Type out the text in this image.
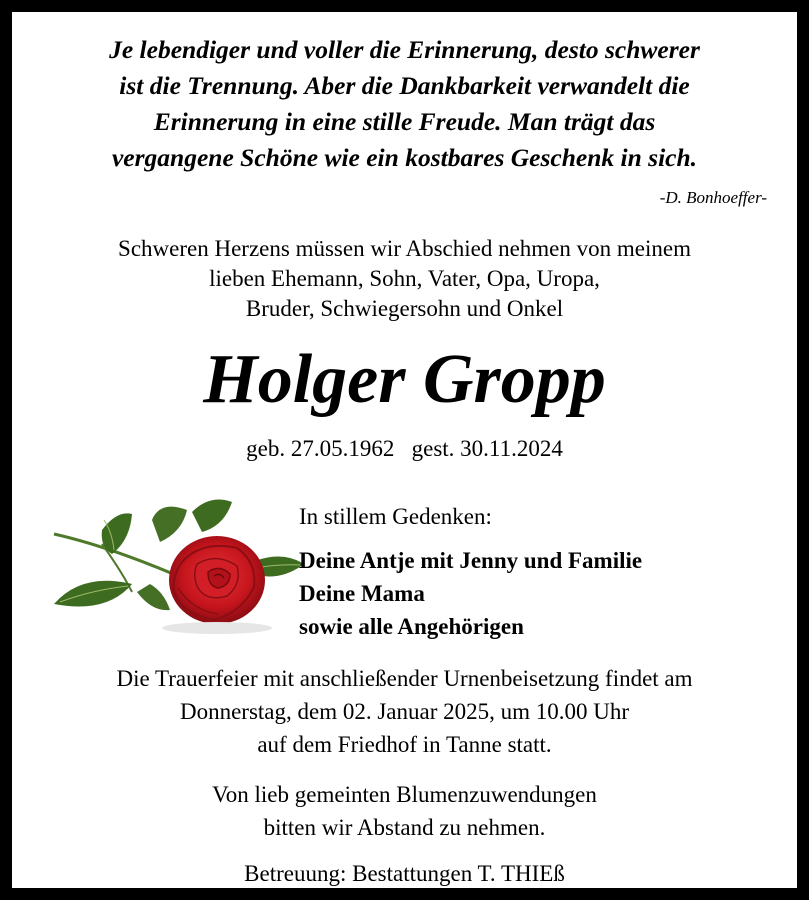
Je lebendiger und voller die Erinnerung, desto schwerer
ist die Trennung. Aber die Dankbarkeit verwandelt die
Erinnerung in eine stille Freude. Man trägt das
vergangene Schöne wie ein kostbares Geschenk in sich.
-D. Bonhoeffer-
Schweren Herzens müssen wir Abschied nehmen von meinem
lieben Ehemann, Sohn, Vater, Opa, Uropa,
Bruder, Schwiegersohn und Onkel
Holger Gropp
geb. 27.05.1962   gest. 30.11.2024
In stillem Gedenken:
Deine Antje mit Jenny und Familie
Deine Mama
sowie alle Angehörigen
Die Trauerfeier mit anschließender Urnenbeisetzung findet am
Donnerstag, dem 02. Januar 2025, um 10.00 Uhr
auf dem Friedhof in Tanne statt.
Von lieb gemeinten Blumenzuwendungen
bitten wir Abstand zu nehmen.
Betreuung: Bestattungen T. THIEß
